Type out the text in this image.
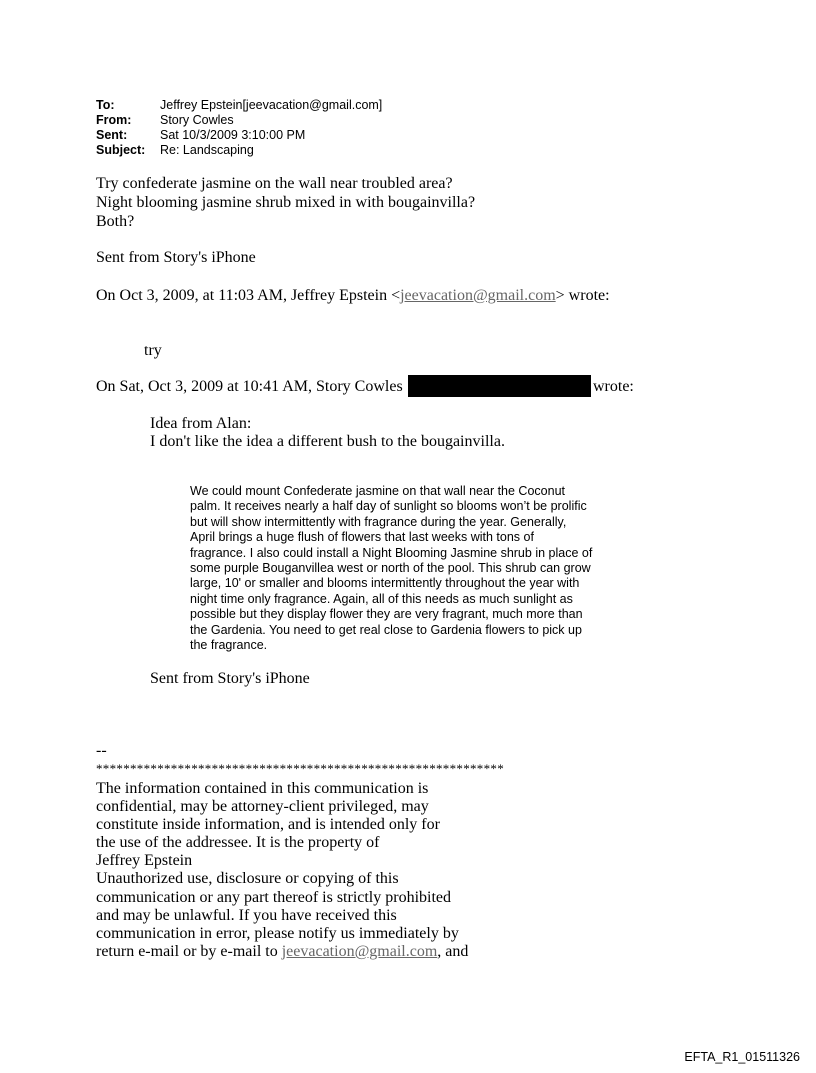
To:	Jeffrey Epstein[jeevacation@gmail.com]
From: Story Cowles
Sent:	Sat 10/3/2009 3:10:00 PM
Subject: Re: Landscaping
Try confederate jasmine on the wall near troubled area?
Night blooming jasmine shrub mixed in with bougainvilla?
Both?
Sent from Story's iPhone
On Oct 3, 2009, at 11:03 AM, Jeffrey Epstein <jeevacation@gmail.com> wrote:
try
On Sat, Oct 3, 2009 at 10:41 AM, Story Cowles	wrote:
Idea from Alan:
I don't like the idea a different bush to the bougainvilla.
We could mount Confederate jasmine on that wall near the Coconut
palm. It receives nearly a half day of sunlight so blooms won’t be prolific
but will show intermittently with fragrance during the year. Generally,
April brings a huge flush of flowers that last weeks with tons of
fragrance. I also could install a Night Blooming Jasmine shrub in place of
some purple Bouganvillea west or north of the pool. This shrub can grow
large, 10' or smaller and blooms intermittently throughout the year with
night time only fragrance. Again, all of this needs as much sunlight as
possible but they display flower they are very fragrant, much more than
the Gardenia. You need to get real close to Gardenia flowers to pick up
the fragrance.
Sent from Story's iPhone
--
************************************************************
The information contained in this communication is
confidential, may be attorney-client privileged, may
constitute inside information, and is intended only for
the use of the addressee. It is the property of
Jeffrey Epstein
Unauthorized use, disclosure or copying of this
communication or any part thereof is strictly prohibited
and may be unlawful. If you have received this
communication in error, please notify us immediately by
return e-mail or by e-mail to jeevacation@gmail.com, and
EFTA_R1_01511326
